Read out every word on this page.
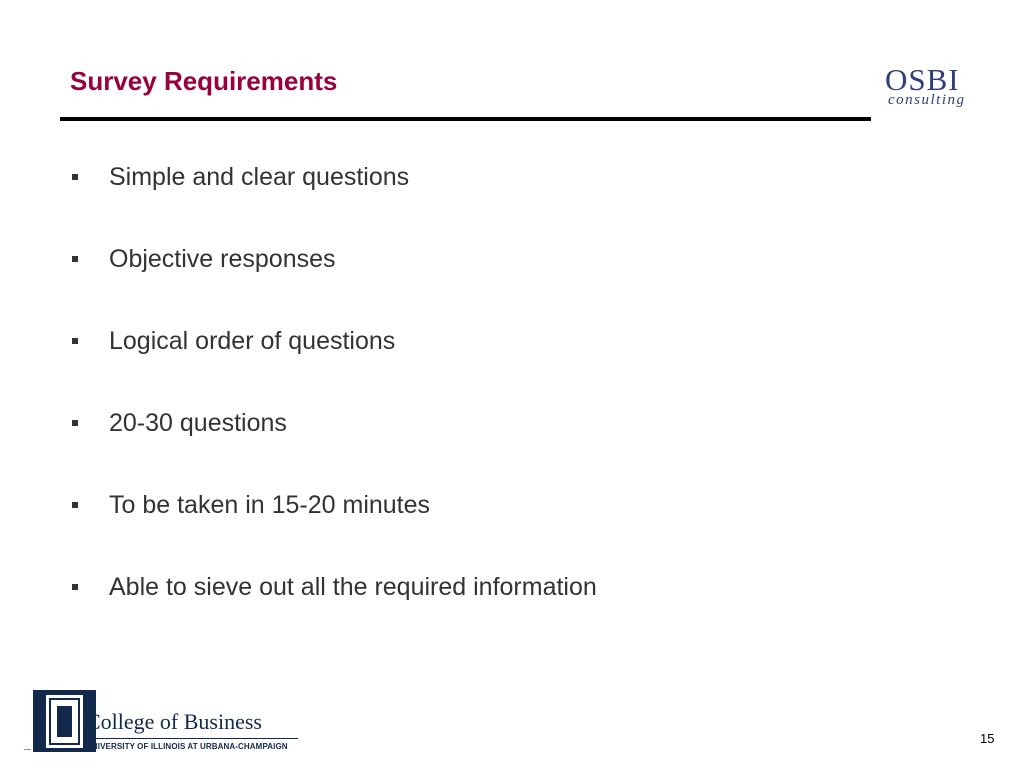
Survey Requirements	OSBI
consulting
Simple and clear questions
Objective responses
Logical order of questions
20-30 questions
To be taken in 15-20 minutes
Able to sieve out all the required information
College of Business
UNIVERSITY OF ILLINOIS AT URBANA-CHAMPAIGN
15
